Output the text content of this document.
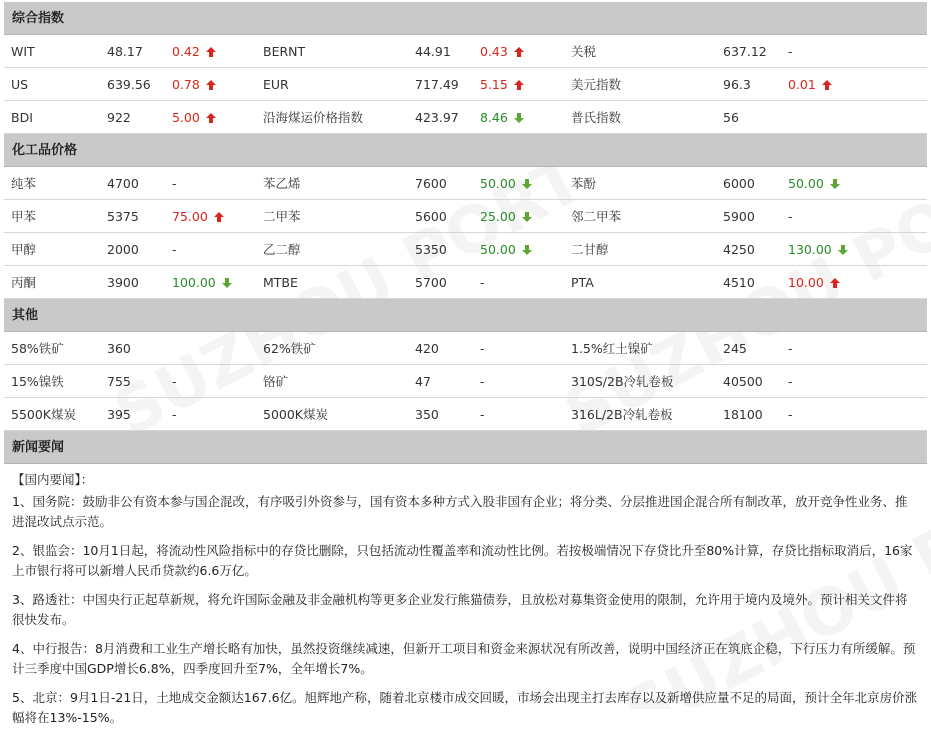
综合指数
WIT	48.17	0.42	BERNT	44.91	0.43	关税	637.12	-
US	639.56	0.78	EUR	717.49	5.15	美元指数	96.3	0.01
BDI	922	5.00	沿海煤运价格指数	423.97	8.46	普氏指数	56	
化工品价格
纯苯	4700	-	苯乙烯	7600	50.00	苯酚	6000	50.00
甲苯	5375	75.00	二甲苯	5600	25.00	邻二甲苯	5900	-
甲醇	2000	-	乙二醇	5350	50.00	二甘醇	4250	130.00
丙酮	3900	100.00	MTBE	5700	-	PTA	4510	10.00
其他
58%铁矿	360		62%铁矿	420	-	1.5%红土镍矿	245	-
15%镍铁	755	-	铬矿	47	-	310S/2B冷轧卷板	40500	-
5500K煤炭	395	-	5000K煤炭	350	-	316L/2B冷轧卷板	18100	-
新闻要闻

【国内要闻】：

1、国务院：鼓励非公有资本参与国企混改，有序吸引外资参与，国有资本多种方式入股非国有企业；将分类、分层推进国企混合所有制改革，放开竞争性业务、推进混改试点示范。

2、银监会：10月1日起，将流动性风险指标中的存贷比删除，只包括流动性覆盖率和流动性比例。若按极端情况下存贷比升至80%计算，存贷比指标取消后，16家上市银行将可以新增人民币贷款约6.6万亿。

3、路透社：中国央行正起草新规，将允许国际金融及非金融机构等更多企业发行熊猫债券，且放松对募集资金使用的限制，允许用于境内及境外。预计相关文件将很快发布。

4、中行报告：8月消费和工业生产增长略有加快，虽然投资继续减速，但新开工项目和资金来源状况有所改善，说明中国经济正在筑底企稳，下行压力有所缓解。预计三季度中国GDP增长6.8%，四季度回升至7%，全年增长7%。

5、北京：9月1日-21日，土地成交金额达167.6亿。旭辉地产称，随着北京楼市成交回暖，市场会出现主打去库存以及新增供应量不足的局面，预计全年北京房价涨幅将在13%-15%。
